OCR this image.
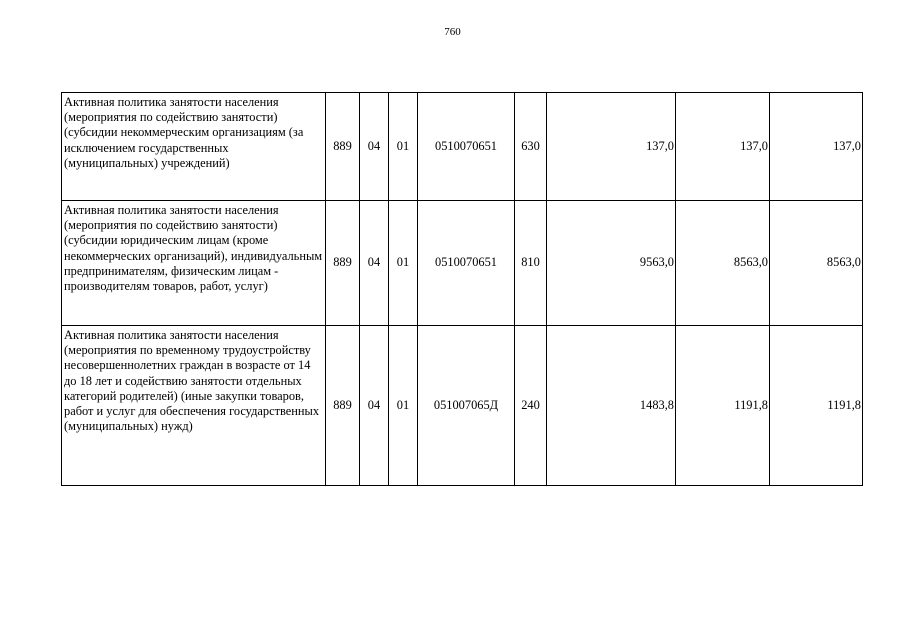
760
Активная политика занятости населения (мероприятия по содействию занятости) (субсидии некоммерческим организациям (за исключением государственных (муниципальных) учреждений)	889	04	01	0510070651	630	137,0	137,0	137,0
Активная политика занятости населения (мероприятия по содействию занятости) (субсидии юридическим лицам (кроме некоммерческих организаций), индивидуальным предпринимателям, физическим лицам - производителям товаров, работ, услуг)	889	04	01	0510070651	810	9563,0	8563,0	8563,0
Активная политика занятости населения (мероприятия по временному трудоустройству несовершеннолетних граждан в возрасте от 14 до 18 лет и содействию занятости отдельных категорий родителей) (иные закупки товаров, работ и услуг для обеспечения государственных (муниципальных) нужд)	889	04	01	051007065Д	240	1483,8	1191,8	1191,8
